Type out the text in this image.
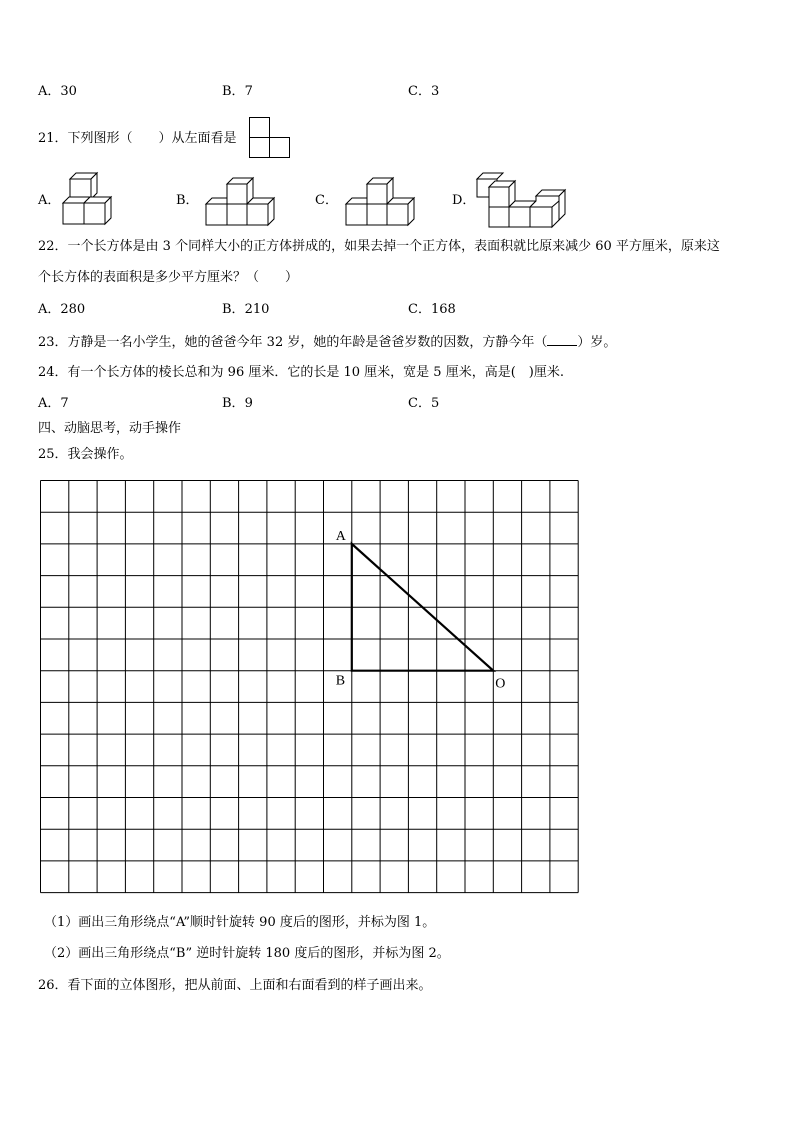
A．30	B．7	C．3
21．下列图形（　　）从左面看是
A．	B．	C．	D．
22．一个长方体是由 3 个同样大小的正方体拼成的，如果去掉一个正方体，表面积就比原来减少 60 平方厘米，原来这
个长方体的表面积是多少平方厘米？（　　）
A．280	B．210	C．168
23．方静是一名小学生，她的爸爸今年 32 岁，她的年龄是爸爸岁数的因数，方静今年（ ）岁。
24．有一个长方体的棱长总和为 96 厘米．它的长是 10 厘米，宽是 5 厘米，高是(　)厘米.
A．7	B．9	C．5
四、动脑思考，动手操作
25．我会操作。
A
B	O
（1）画出三角形绕点“A”顺时针旋转 90 度后的图形，并标为图 1。
（2）画出三角形绕点“B” 逆时针旋转 180 度后的图形，并标为图 2。
26．看下面的立体图形，把从前面、上面和右面看到的样子画出来。
